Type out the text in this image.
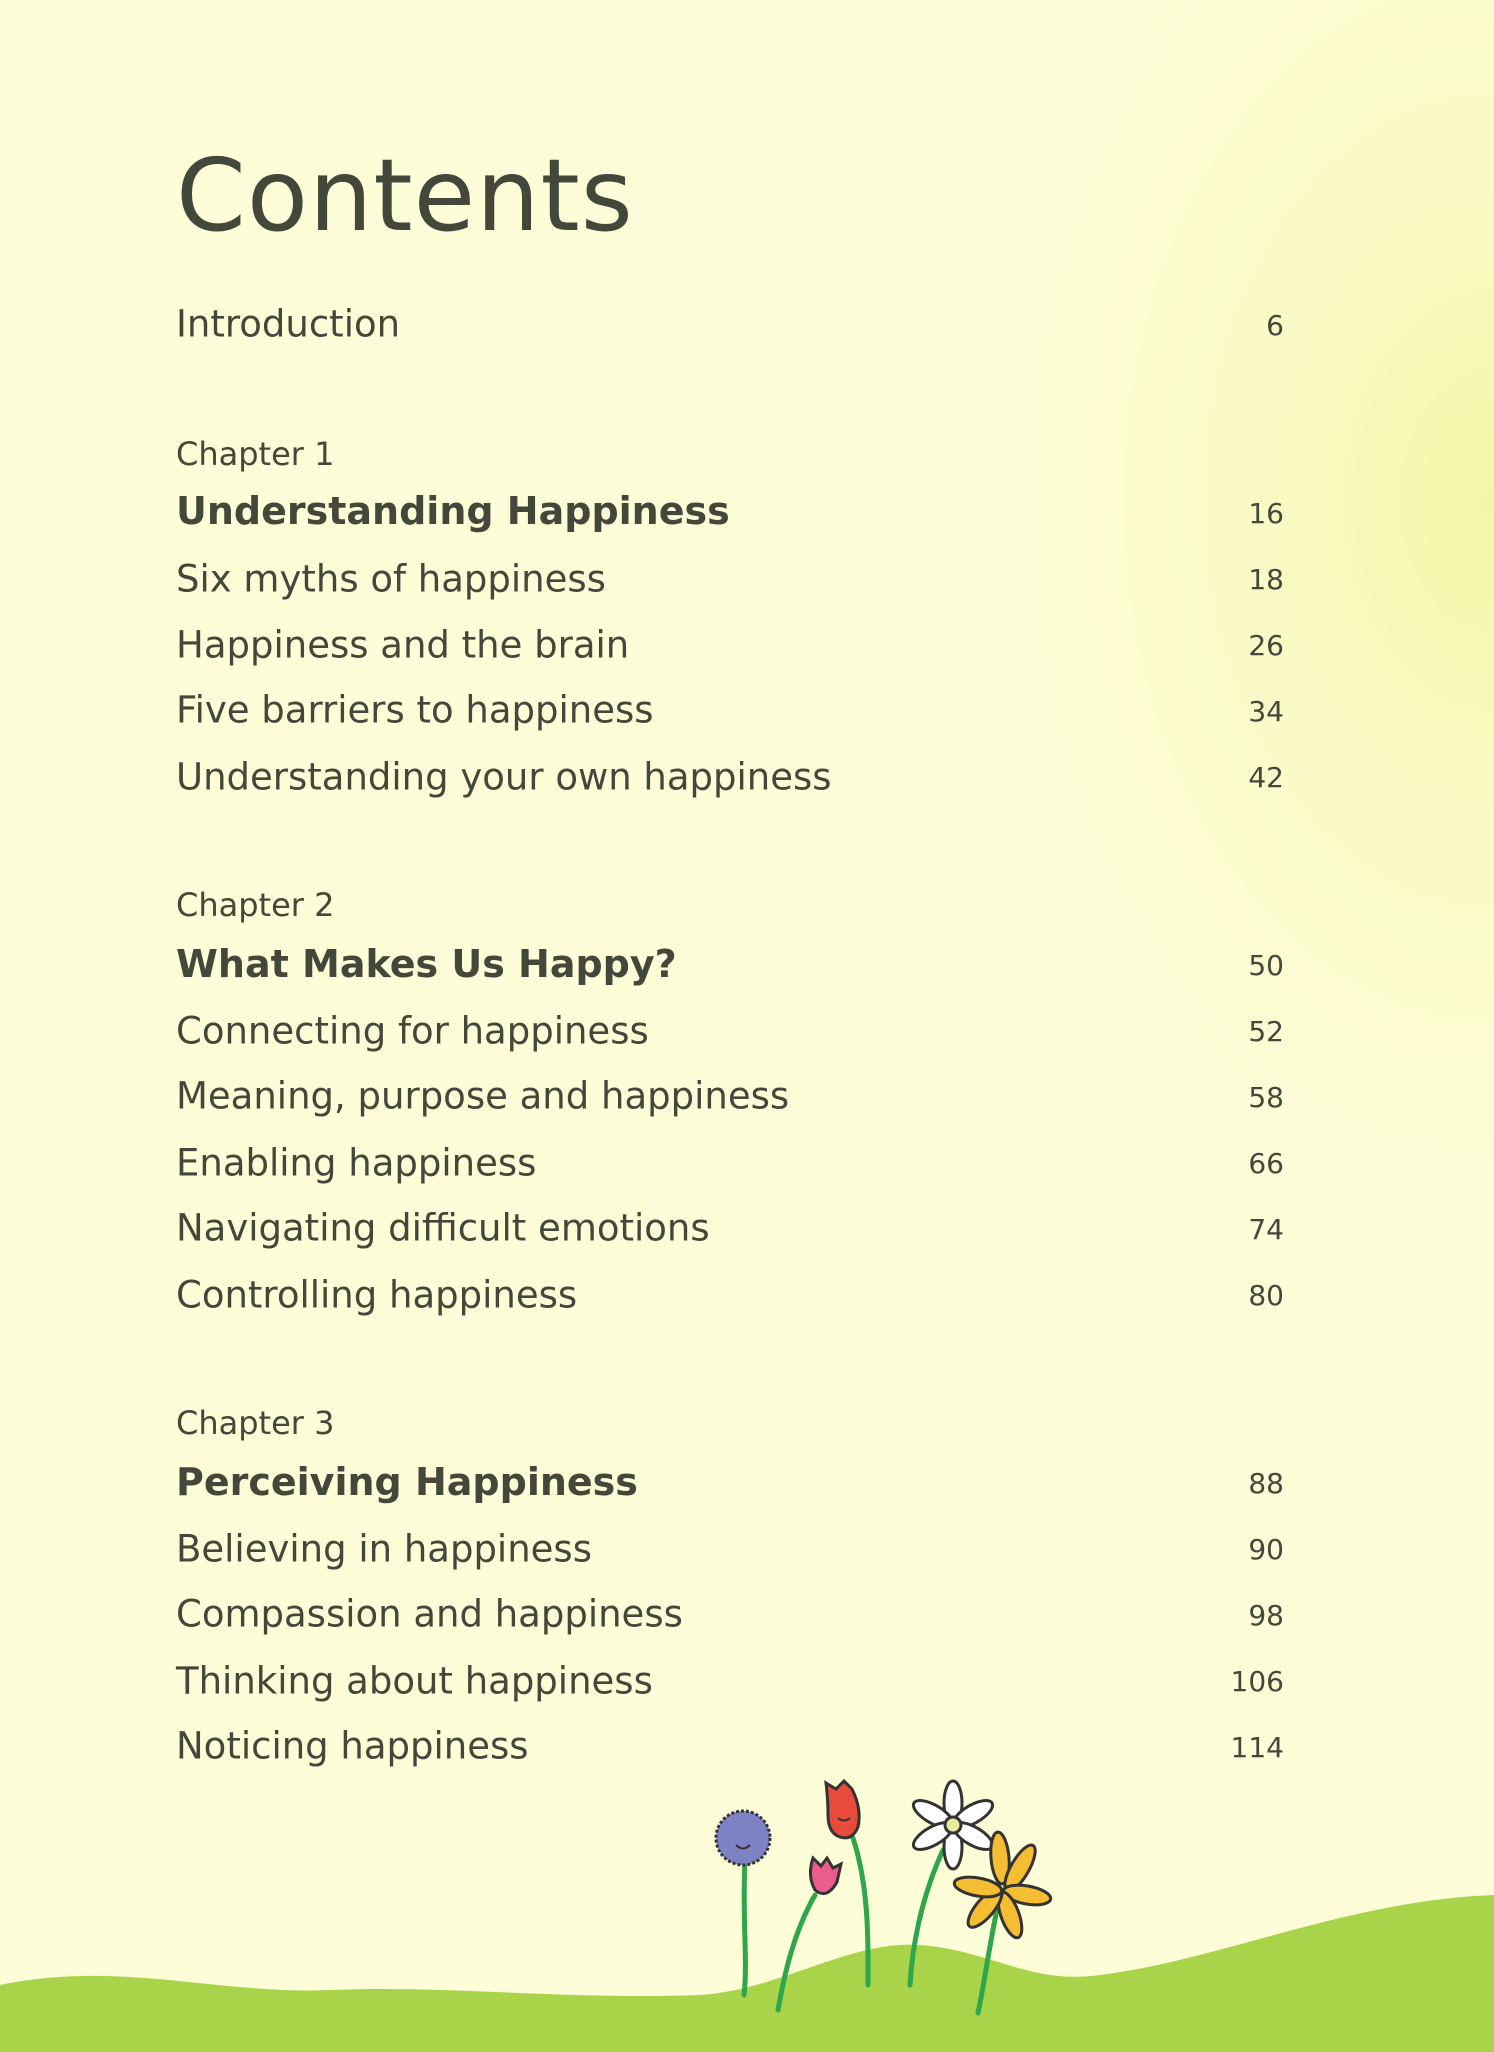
Contents
Introduction	6
Chapter 1
Understanding Happiness	16
Six myths of happiness	18
Happiness and the brain	26
Five barriers to happiness	34
Understanding your own happiness	42
Chapter 2
What Makes Us Happy?	50
Connecting for happiness	52
Meaning, purpose and happiness	58
Enabling happiness	66
Navigating difficult emotions	74
Controlling happiness	80
Chapter 3
Perceiving Happiness	88
Believing in happiness	90
Compassion and happiness	98
Thinking about happiness	106
Noticing happiness	114
